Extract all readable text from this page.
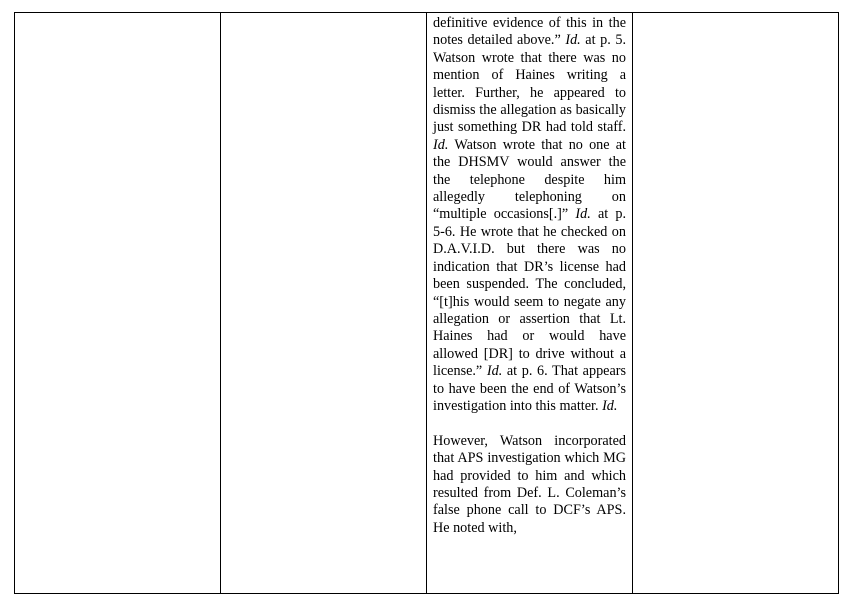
definitive evidence of this in the notes detailed above.” Id. at p. 5. Watson wrote that there was no mention of Haines writing a letter. Further, he appeared to dismiss the allegation as basically just something DR had told staff. Id. Watson wrote that no one at the DHSMV would answer the the telephone despite him allegedly telephoning on “multiple occasions[.]” Id. at p. 5-6. He wrote that he checked on D.A.V.I.D. but there was no indication that DR’s license had been suspended. The concluded, “[t]his would seem to negate any allegation or assertion that Lt. Haines had or would have allowed [DR] to drive without a license.” Id. at p. 6. That appears to have been the end of Watson’s investigation into this matter. Id.

However, Watson incorporated that APS investigation which MG had provided to him and which resulted from Def. L. Coleman’s false phone call to DCF’s APS. He noted with,
